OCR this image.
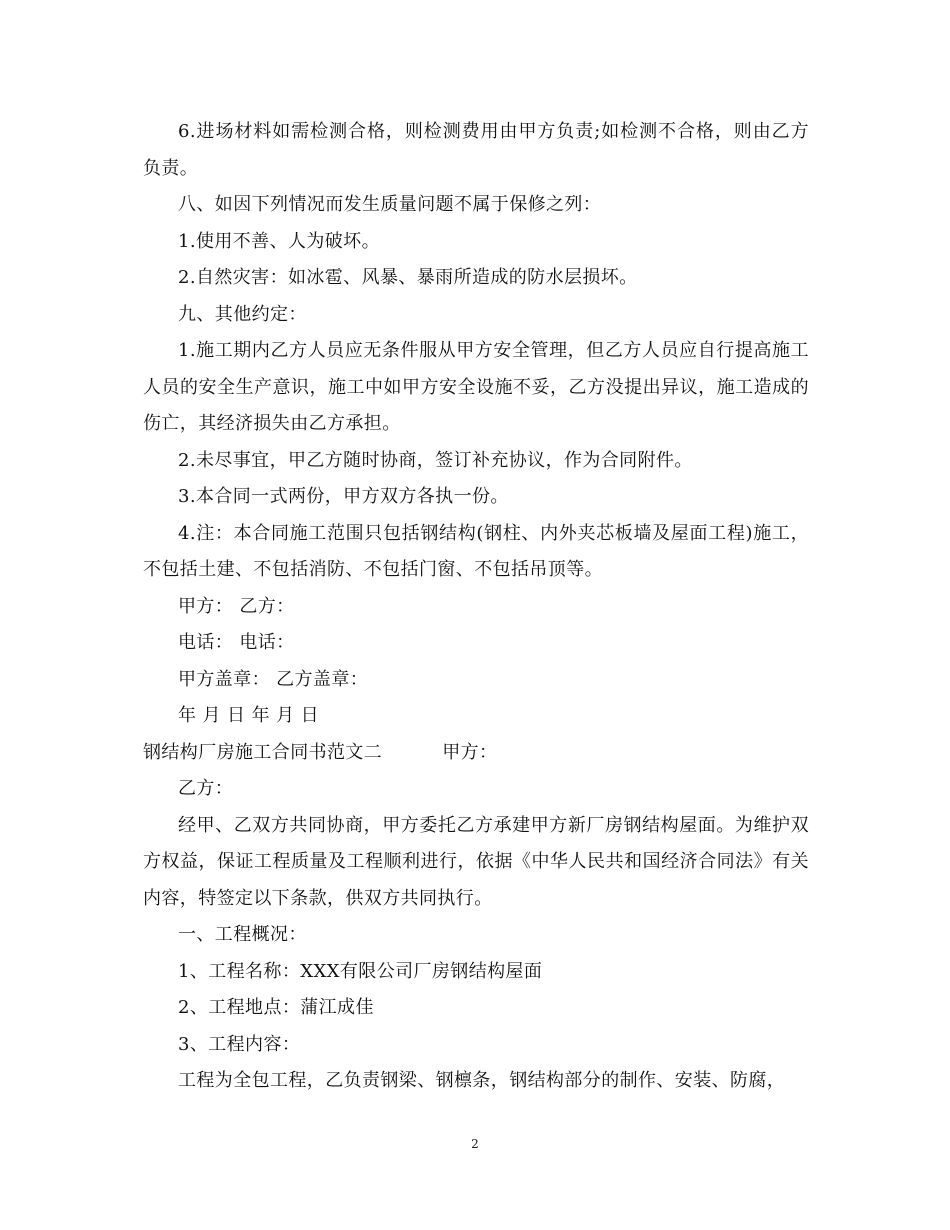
6.进场材料如需检测合格，则检测费用由甲方负责;如检测不合格，则由乙方负责。

八、如因下列情况而发生质量问题不属于保修之列：

1.使用不善、人为破坏。

2.自然灾害：如冰雹、风暴、暴雨所造成的防水层损坏。

九、其他约定：

1.施工期内乙方人员应无条件服从甲方安全管理，但乙方人员应自行提高施工人员的安全生产意识，施工中如甲方安全设施不妥，乙方没提出异议，施工造成的伤亡，其经济损失由乙方承担。

2.未尽事宜，甲乙方随时协商，签订补充协议，作为合同附件。

3.本合同一式两份，甲方双方各执一份。

4.注：本合同施工范围只包括钢结构(钢柱、内外夹芯板墙及屋面工程)施工，不包括土建、不包括消防、不包括门窗、不包括吊顶等。

甲方： 乙方：

电话： 电话：

甲方盖章： 乙方盖章：

年 月 日 年 月 日

钢结构厂房施工合同书范文二	甲方：

乙方：

经甲、乙双方共同协商，甲方委托乙方承建甲方新厂房钢结构屋面。为维护双方权益，保证工程质量及工程顺利进行，依据《中华人民共和国经济合同法》有关内容，特签定以下条款，供双方共同执行。

一、工程概况：

1、工程名称：XXX有限公司厂房钢结构屋面

2、工程地点：蒲江成佳

3、工程内容：

工程为全包工程，乙负责钢梁、钢檩条，钢结构部分的制作、安装、防腐，

2
